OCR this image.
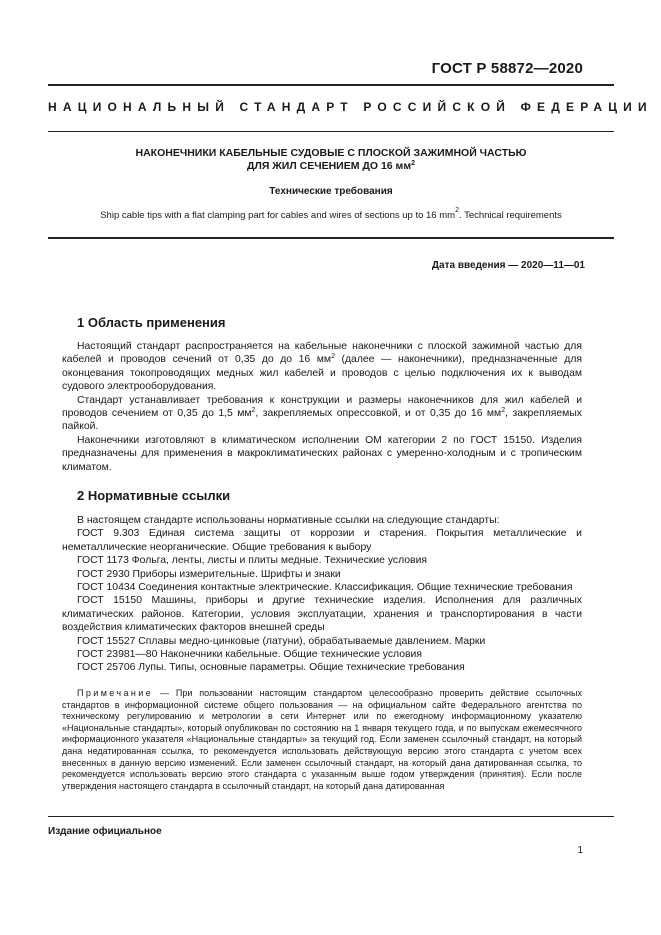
ГОСТ Р 58872—2020
НАЦИОНАЛЬНЫЙ СТАНДАРТ РОССИЙСКОЙ ФЕДЕРАЦИИ
НАКОНЕЧНИКИ КАБЕЛЬНЫЕ СУДОВЫЕ С ПЛОСКОЙ ЗАЖИМНОЙ ЧАСТЬЮ
ДЛЯ ЖИЛ СЕЧЕНИЕМ ДО 16 $мм^2$
Технические требования
Ship cable tips with a flat clamping part for cables and wires of sections up to 16 $mm^2$. Technical requirements
Дата введения — 2020—11—01
1 Область применения

Настоящий стандарт распространяется на кабельные наконечники с плоской зажимной частью для кабелей и проводов сечений от 0,35 до до 16 $мм^2$ (далее — наконечники), предназначенные для оконцевания токопроводящих медных жил кабелей и проводов с целью подключения их к выводам судового электрооборудования.

Стандарт устанавливает требования к конструкции и размеры наконечников для жил кабелей и проводов сечением от 0,35 до 1,5 $мм^2$, закрепляемых опрессовкой, и от 0,35 до 16 $мм^2$, закрепляемых пайкой.

Наконечники изготовляют в климатическом исполнении ОМ категории 2 по ГОСТ 15150. Изделия предназначены для применения в макроклиматических районах с умеренно-холодным и с тропическим климатом.

2 Нормативные ссылки

В настоящем стандарте использованы нормативные ссылки на следующие стандарты:

ГОСТ 9.303 Единая система защиты от коррозии и старения. Покрытия металлические и неметаллические неорганические. Общие требования к выбору

ГОСТ 1173 Фольга, ленты, листы и плиты медные. Технические условия

ГОСТ 2930 Приборы измерительные. Шрифты и знаки

ГОСТ 10434 Соединения контактные электрические. Классификация. Общие технические требования

ГОСТ 15150 Машины, приборы и другие технические изделия. Исполнения для различных климатических районов. Категории, условия эксплуатации, хранения и транспортирования в части воздействия климатических факторов внешней среды

ГОСТ 15527 Сплавы медно-цинковые (латуни), обрабатываемые давлением. Марки

ГОСТ 23981—80 Наконечники кабельные. Общие технические условия

ГОСТ 25706 Лупы. Типы, основные параметры. Общие технические требования

Примечание — При пользовании настоящим стандартом целесообразно проверить действие ссылочных стандартов в информационной системе общего пользования — на официальном сайте Федерального агентства по техническому регулированию и метрологии в сети Интернет или по ежегодному информационному указателю «Национальные стандарты», который опубликован по состоянию на 1 января текущего года, и по выпускам ежемесячного информационного указателя «Национальные стандарты» за текущий год. Если заменен ссылочный стандарт, на который дана недатированная ссылка, то рекомендуется использовать действующую версию этого стандарта с учетом всех внесенных в данную версию изменений. Если заменен ссылочный стандарт, на который дана датированная ссылка, то рекомендуется использовать версию этого стандарта с указанным выше годом утверждения (принятия). Если после утверждения настоящего стандарта в ссылочный стандарт, на который дана датированная

Издание официальное
1
